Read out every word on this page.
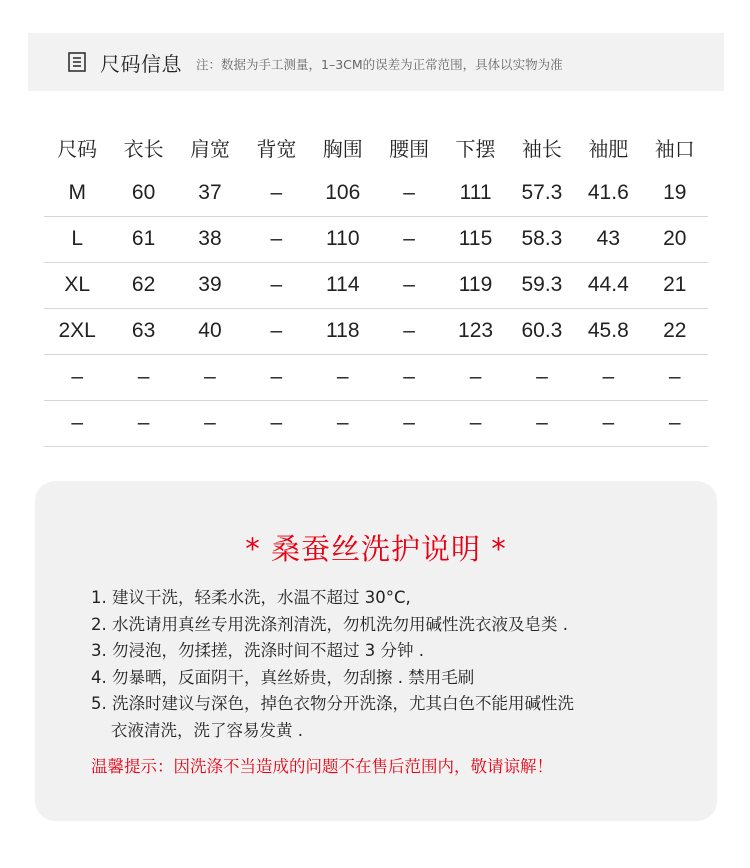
尺码信息 注：数据为手工测量，1–3CM的误差为正常范围，具体以实物为准
尺码	衣长	肩宽	背宽	胸围	腰围	下摆	袖长	袖肥	袖口
M	60	37	–	106	–	111	57.3	41.6	19
L	61	38	–	110	–	115	58.3	43	20
XL	62	39	–	114	–	119	59.3	44.4	21
2XL	63	40	–	118	–	123	60.3	45.8	22
–	–	–	–	–	–	–	–	–	–
–	–	–	–	–	–	–	–	–	–
* 桑蚕丝洗护说明 *
1. 建议干洗，轻柔水洗，水温不超过 30°C,
2. 水洗请用真丝专用洗涤剂清洗，勿机洗勿用碱性洗衣液及皂类 .
3. 勿浸泡，勿揉搓，洗涤时间不超过 3 分钟 .
4. 勿暴晒，反面阴干，真丝娇贵，勿刮擦 . 禁用毛刷
5. 洗涤时建议与深色，掉色衣物分开洗涤，尤其白色不能用碱性洗
衣液清洗，洗了容易发黄 .
温馨提示：因洗涤不当造成的问题不在售后范围内，敬请谅解！
